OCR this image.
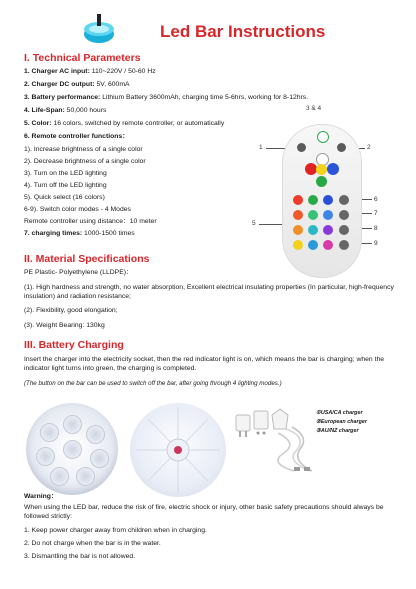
Led Bar Instructions
I. Technical Parameters
1. Charger AC input: 110~220V / 50-60 Hz
2. Charger DC output: 5V, 600mA
3. Battery performance: Lithium Battery 3600mAh, charging time 5-6hrs, working for 8-12hrs.
4. Life-Span: 50,000 hours
5. Color: 16 colors, switched by remote controller, or automatically
6. Remote controller functions：
1). Increase brightness of a single color
2). Decrease brightness of a single color
3). Turn on the LED lighting
4). Turn off the LED lighting
5). Quick select (16 colors)
6-9). Switch color modes - 4 Modes
Remote controller using distance：10 meter
7. charging times: 1000-1500 times
3 & 4
1	2
5
6
7
8
9
II. Material Specifications
PE Plastic- Polyethylene (LLDPE)：
(1). High hardness and strength, no water absorption, Excellent electrical insulating properties (In particular, high-frequency insulation) and radiation resistance;
(2). Flexibility, good elongation;
(3). Weight Bearing: 130kg
III. Battery Charging
Insert the charger into the electricity socket, then the red indicator light is on, which means the bar is charging; when the indicator light turns into green, the charging is completed.
(The button on the bar can be used to switch off the bar, after going through 4 lighting modes.)
①USA/CA charger
②European charger
③AU/NZ charger
Warning：
When using the LED bar, reduce the risk of fire, electric shock or injury, other basic safety precautions should always be followed strictly:
1. Keep power charger away from children when in charging.
2. Do not charge when the bar is in the water.
3. Dismantling the bar is not allowed.
